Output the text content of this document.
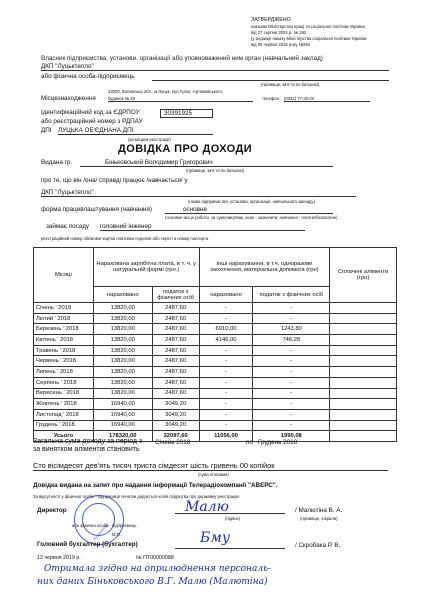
ЗАТВЕРДЖЕНО
наказом Міністерства праці та соціальної політики України
від 27 серпня 2004 р. № 192
(у редакції наказу Міністерства соціальної політики України
від 05 червня 2015 року №591
Власник підприємства, установи, організації або уповноважений ним орган (навчальний заклад)
ДКП "Луцьктепло"
або фізична особа-підприємець
(прізвище, ім'я та по батькові)
43000, Волинська обл., м.Луцьк, вул.Гулка -Артемовського,
Місцезнаходження	будинок № 20	телефон (0332) 77-32-00
Ідентифікаційний код за ЄДРПОУ	30391925
або реєстраційний номер з РДПАУ
ДПІ ЛУЦЬКА ОБ'ЄДНАНА ДПІ
(за місцем реєстрації)
ДОВІДКА ПРО ДОХОДИ
Видана гр.	Біньковський Володимир Григорович
(прізвище, ім'я та по батькові)
про те, що він /она/ справді працює /навчається/ у
ДКП "Луцьктепло"
(назва підприємства, установи, організації, навчального закладу)
форма працевлаштування (навчання)	основне
(основне місце роботи, за сумісництвом, інше - зазначити; навчання - платне/безплатне)
займає посаду головний інженер
реєстраційний номер облікової картки платника податків або серія та номер паспорта
Місяці	Нарахована заробітна плата, в т. ч. у натуральній формі (грн.)		Інші нарахування, в т.ч. одноразове заохочення, матеріальна допомога (грн)		Сплачені аліменти (грн)
	нараховано	податок з фізичних осіб	нараховано	податок з фізичних осіб	
Січень ' 2018	13820,00	2487,60	-	-	
Лютий ' 2018	13820,00	2487,60	-	-	
Березень ' 2018	13820,00	2487,60	6910,00	1243,80	
Квітень ' 2018	13820,00	2487,60	4146,00	746,28	
Травень ' 2018	13820,00	2487,60	-	-	
Червень ' 2018	13820,00	2487,60	-	-	
Липень ' 2018	13820,00	2487,60	-	-	
Серпень ' 2018	13820,00	2487,60	-	-	
Вересень ' 2018	13820,00	2487,60	-	-	
Жовтень ' 2018	16940,00	3049,20	-	-	
Листопад ' 2018	16940,00	3049,20	-	-	
Грудень ' 2018	16940,00	3049,20	-	-	
Усього	178320,00	32097,60	11056,00	1990,08	
Загальна сума доходу за період з Січень 2018	по Грудень 2018
за винятком аліментів становить
Сто вісімдесят дев'ять тисяч триста сімдесят шість гривень 00 копійок
(сума літерами)
Довідка видана на запит про надання інформації Телерадіокомпанії "АВЕРС".
За відсутності у фізичної особи - підприємця печатки додається копія свідоцтва про державну реєстрацію
Луцьктепло
Директор	Малю	/ Малютіна В. А.
(підпис)	(прізвище, ініціали)
або фізична особа - підприємець
М.П.
Головний бухгалтер (бухгалтер)	Бму	/ Скробака Р. В.
12 червня 2019 р.	№ ПТ00000088
Отримала згідно на оприлюднення персональ-
них даних Біньковського В.Г. Малю (Малютіна)
